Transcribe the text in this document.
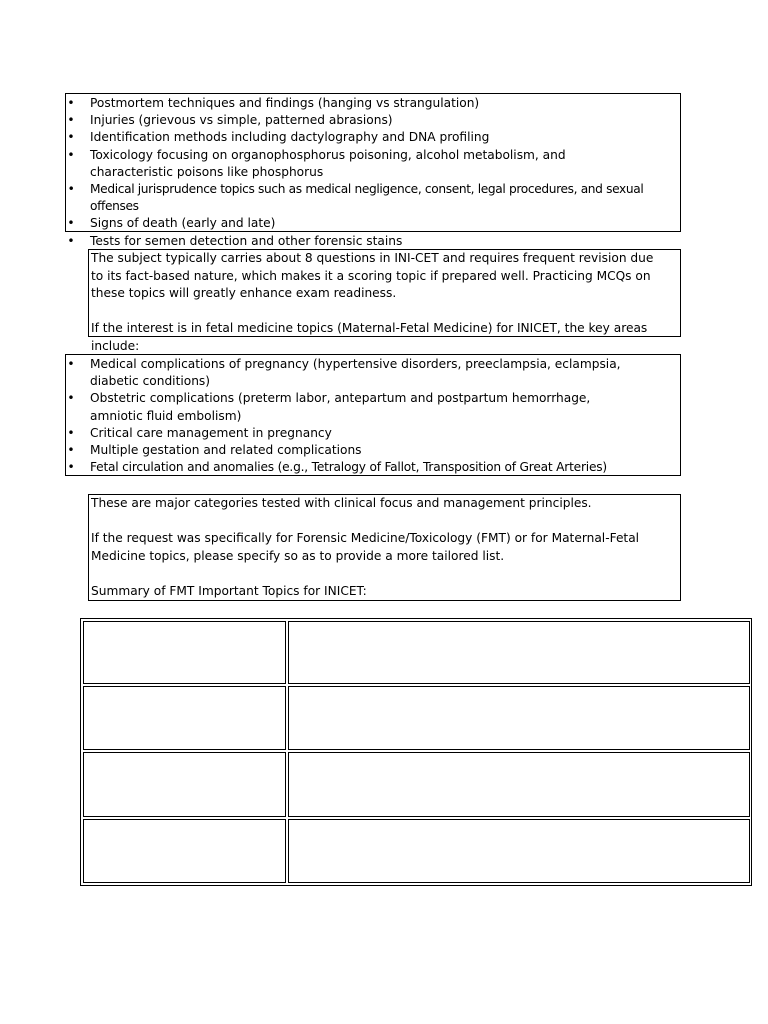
• Postmortem techniques and findings (hanging vs strangulation)
• Injuries (grievous vs simple, patterned abrasions)
• Identification methods including dactylography and DNA profiling
• Toxicology focusing on organophosphorus poisoning, alcohol metabolism, and characteristic poisons like phosphorus
• Medical jurisprudence topics such as medical negligence, consent, legal procedures, and sexual offenses
• Signs of death (early and late)
• Tests for semen detection and other forensic stains

The subject typically carries about 8 questions in INI-CET and requires frequent revision due to its fact-based nature, which makes it a scoring topic if prepared well. Practicing MCQs on these topics will greatly enhance exam readiness.

If the interest is in fetal medicine topics (Maternal-Fetal Medicine) for INICET, the key areas include:

• Medical complications of pregnancy (hypertensive disorders, preeclampsia, eclampsia, diabetic conditions)
• Obstetric complications (preterm labor, antepartum and postpartum hemorrhage, amniotic fluid embolism)
• Critical care management in pregnancy
• Multiple gestation and related complications
• Fetal circulation and anomalies (e.g., Tetralogy of Fallot, Transposition of Great Arteries)

These are major categories tested with clinical focus and management principles.

If the request was specifically for Forensic Medicine/Toxicology (FMT) or for Maternal-Fetal Medicine topics, please specify so as to provide a more tailored list.

Summary of FMT Important Topics for INICET:
